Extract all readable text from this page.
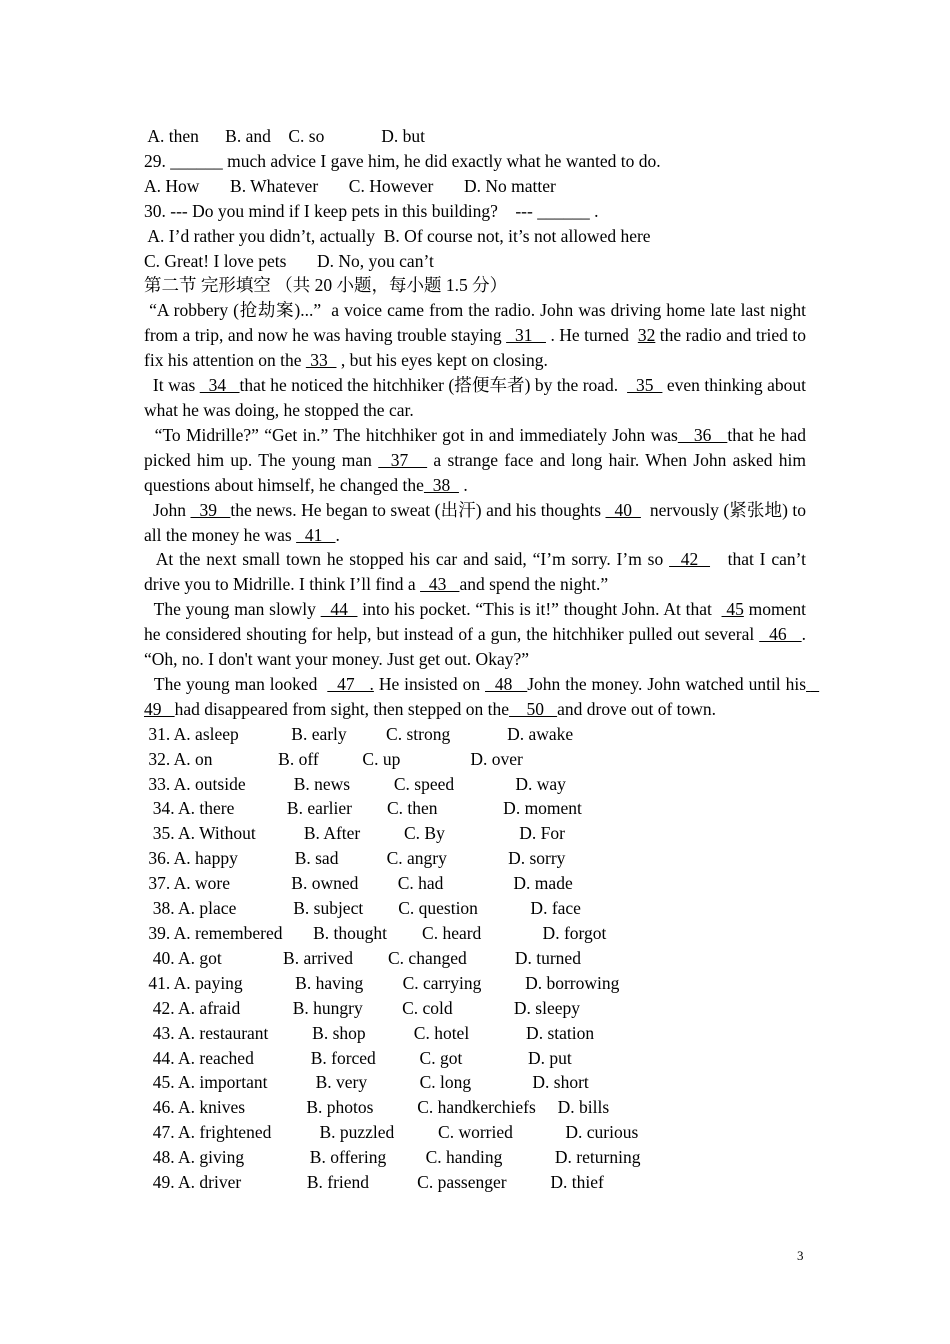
A. then      B. and    C. so             D. but
29. ______ much advice I gave him, he did exactly what he wanted to do.
A. How       B. Whatever       C. However       D. No matter
30. --- Do you mind if I keep pets in this building?    --- ______ .
A. I’d rather you didn’t, actually  B. Of course not, it’s not allowed here
C. Great! I love pets       D. No, you can’t
第二节 完形填空 （共 20 小题，每小题 1.5 分）
“A robbery (抢劫案)...”  a voice came from the radio. John was driving home late last night from a trip, and now he was having trouble staying   31    . He turned  32 the radio and tried to fix his attention on the  33   , but his eyes kept on closing.
It was   34   that he noticed the hitchhiker (搭便车者) by the road.    35   even thinking about what he was doing, he stopped the car.
“To Midrille?” “Get in.” The hitchhiker got in and immediately John was   36   that he had picked him up. The young man   37    a strange face and long hair. When John asked him questions about himself, he changed the  38   .
John   39   the news. He began to sweat (出汗) and his thoughts   40    nervously (紧张地) to all the money he was   41   .
At the next small town he stopped his car and said, “I’m sorry. I’m so   42     that I can’t drive you to Midrille. I think I’ll find a   43   and spend the night.”
The young man slowly   44   into his pocket. “This is it!” thought John. At that   45 moment he considered shouting for help, but instead of a gun, the hitchhiker pulled out several   46   . “Oh, no. I don't want your money. Just get out. Okay?”
The young man looked    47   . He insisted on   48   John the money. John watched until his   49   had disappeared from sight, then stepped on the    50   and drove out of town.
31. A. asleep            B. early         C. strong             D. awake
32. A. on               B. off          C. up                D. over
33. A. outside           B. news          C. speed              D. way
34. A. there            B. earlier        C. then               D. moment
35. A. Without           B. After          C. By                 D. For
36. A. happy             B. sad           C. angry              D. sorry
37. A. wore              B. owned         C. had                D. made
38. A. place             B. subject        C. question            D. face
39. A. remembered       B. thought        C. heard              D. forgot
40. A. got              B. arrived        C. changed           D. turned
41. A. paying            B. having         C. carrying          D. borrowing
42. A. afraid            B. hungry         C. cold              D. sleepy
43. A. restaurant          B. shop           C. hotel             D. station
44. A. reached             B. forced          C. got               D. put
45. A. important           B. very            C. long              D. short
46. A. knives              B. photos          C. handkerchiefs     D. bills
47. A. frightened           B. puzzled          C. worried            D. curious
48. A. giving               B. offering         C. handing            D. returning
49. A. driver               B. friend           C. passenger          D. thief
3
